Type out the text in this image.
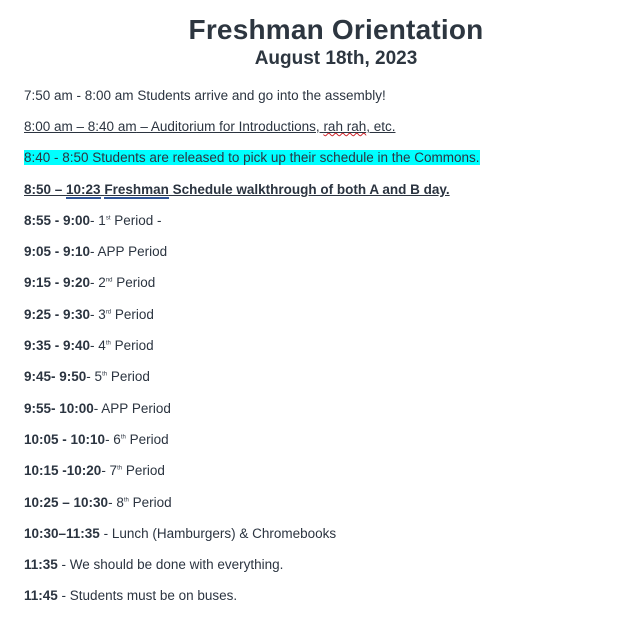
Freshman Orientation
August 18th, 2023
7:50 am - 8:00 am Students arrive and go into the assembly!
8:00 am – 8:40 am – Auditorium for Introductions, rah rah, etc.
8:40 - 8:50 Students are released to pick up their schedule in the Commons.
8:50 – 10:23 Freshman Schedule walkthrough of both A and B day.
8:55 - 9:00- 1st Period -
9:05 - 9:10- APP Period
9:15 - 9:20- 2nd Period
9:25 - 9:30- 3rd Period
9:35 - 9:40- 4th Period
9:45- 9:50- 5th Period
9:55- 10:00- APP Period
10:05 - 10:10- 6th Period
10:15 -10:20- 7th Period
10:25 – 10:30- 8th Period
10:30–11:35 - Lunch (Hamburgers) & Chromebooks
11:35 - We should be done with everything.
11:45 - Students must be on buses.
